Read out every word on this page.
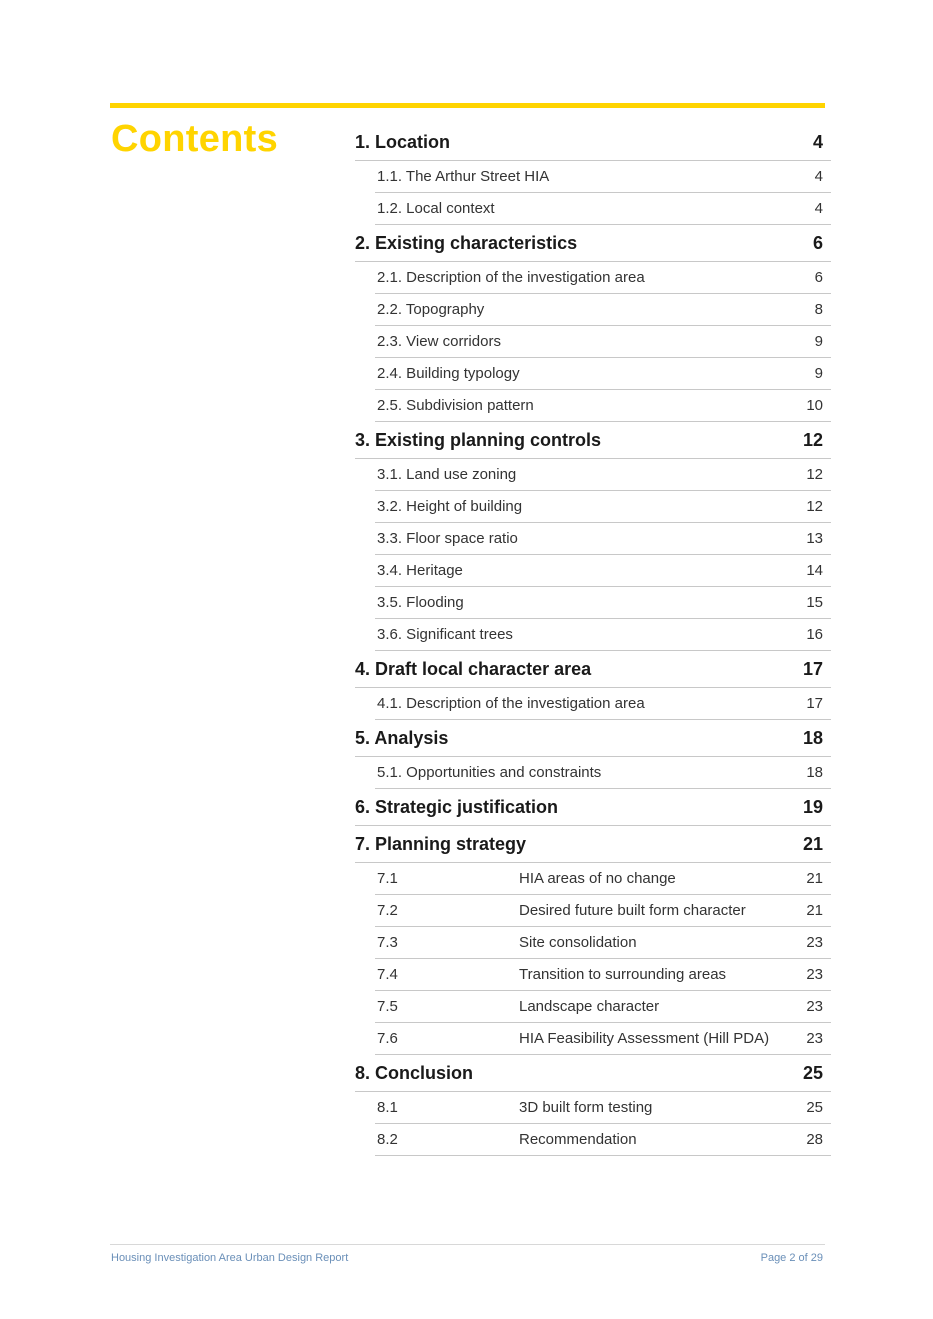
Contents	1. Location	4
1.1. The Arthur Street HIA	4
1.2. Local context	4
2. Existing characteristics	6
2.1. Description of the investigation area	6
2.2. Topography	8
2.3. View corridors	9
2.4. Building typology	9
2.5. Subdivision pattern	10
3. Existing planning controls	12
3.1. Land use zoning	12
3.2. Height of building	12
3.3. Floor space ratio	13
3.4. Heritage	14
3.5. Flooding	15
3.6. Significant trees	16
4. Draft local character area	17
4.1. Description of the investigation area	17
5. Analysis	18
5.1. Opportunities and constraints	18
6. Strategic justification	19
7. Planning strategy	21
7.1	HIA areas of no change	21
7.2	Desired future built form character	21
7.3	Site consolidation	23
7.4	Transition to surrounding areas	23
7.5	Landscape character	23
7.6	HIA Feasibility Assessment (Hill PDA)	23
8. Conclusion	25
8.1	3D built form testing	25
8.2	Recommendation	28
Housing Investigation Area Urban Design Report	Page 2 of 29
